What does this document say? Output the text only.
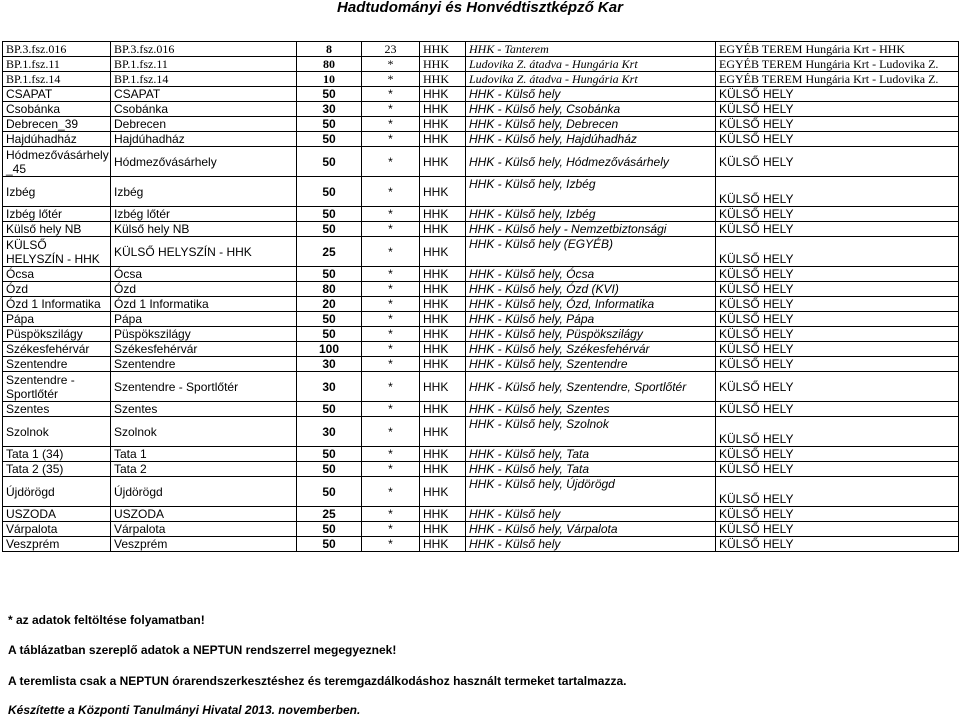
Hadtudományi és Honvédtisztképző Kar
BP.3.fsz.016	BP.3.fsz.016	8	23	HHK	HHK - Tanterem	EGYÉB TEREM Hungária Krt - HHK
BP.1.fsz.11	BP.1.fsz.11	80	*	HHK	Ludovika Z. átadva - Hungária Krt	EGYÉB TEREM Hungária Krt - Ludovika Z.
BP.1.fsz.14	BP.1.fsz.14	10	*	HHK	Ludovika Z. átadva - Hungária Krt	EGYÉB TEREM Hungária Krt - Ludovika Z.
CSAPAT	CSAPAT	50	*	HHK	HHK - Külső hely	KÜLSŐ HELY
Csobánka	Csobánka	30	*	HHK	HHK - Külső hely, Csobánka	KÜLSŐ HELY
Debrecen_39	Debrecen	50	*	HHK	HHK - Külső hely, Debrecen	KÜLSŐ HELY
Hajdúhadház	Hajdúhadház	50	*	HHK	HHK - Külső hely, Hajdúhadház	KÜLSŐ HELY
Hódmezővásárhely _45	Hódmezővásárhely	50	*	HHK	HHK - Külső hely, Hódmezővásárhely	KÜLSŐ HELY
Izbég	Izbég	50	*	HHK	HHK - Külső hely, Izbég	KÜLSŐ HELY
Izbég lőtér	Izbég lőtér	50	*	HHK	HHK - Külső hely, Izbég	KÜLSŐ HELY
Külső hely NB	Külső hely NB	50	*	HHK	HHK - Külső hely - Nemzetbiztonsági	KÜLSŐ HELY
KÜLSŐ HELYSZÍN - HHK	KÜLSŐ HELYSZÍN - HHK	25	*	HHK	HHK - Külső hely (EGYÉB)	KÜLSŐ HELY
Ócsa	Ócsa	50	*	HHK	HHK - Külső hely, Ócsa	KÜLSŐ HELY
Ózd	Ózd	80	*	HHK	HHK - Külső hely, Ózd (KVI)	KÜLSŐ HELY
Ózd 1 Informatika	Ózd 1 Informatika	20	*	HHK	HHK - Külső hely, Ózd, Informatika	KÜLSŐ HELY
Pápa	Pápa	50	*	HHK	HHK - Külső hely, Pápa	KÜLSŐ HELY
Püspökszilágy	Püspökszilágy	50	*	HHK	HHK - Külső hely, Püspökszilágy	KÜLSŐ HELY
Székesfehérvár	Székesfehérvár	100	*	HHK	HHK - Külső hely, Székesfehérvár	KÜLSŐ HELY
Szentendre	Szentendre	30	*	HHK	HHK - Külső hely, Szentendre	KÜLSŐ HELY
Szentendre - Sportlőtér	Szentendre - Sportlőtér	30	*	HHK	HHK - Külső hely, Szentendre, Sportlőtér	KÜLSŐ HELY
Szentes	Szentes	50	*	HHK	HHK - Külső hely, Szentes	KÜLSŐ HELY
Szolnok	Szolnok	30	*	HHK	HHK - Külső hely, Szolnok	KÜLSŐ HELY
Tata 1 (34)	Tata 1	50	*	HHK	HHK - Külső hely, Tata	KÜLSŐ HELY
Tata 2 (35)	Tata 2	50	*	HHK	HHK - Külső hely, Tata	KÜLSŐ HELY
Újdörögd	Újdörögd	50	*	HHK	HHK - Külső hely, Újdörögd	KÜLSŐ HELY
USZODA	USZODA	25	*	HHK	HHK - Külső hely	KÜLSŐ HELY
Várpalota	Várpalota	50	*	HHK	HHK - Külső hely, Várpalota	KÜLSŐ HELY
Veszprém	Veszprém	50	*	HHK	HHK - Külső hely	KÜLSŐ HELY
* az adatok feltöltése folyamatban!
A táblázatban szereplő adatok a NEPTUN rendszerrel megegyeznek!
A teremlista csak a NEPTUN órarendszerkesztéshez és teremgazdálkodáshoz használt termeket tartalmazza.
Készítette a Központi Tanulmányi Hivatal 2013. novemberben.
